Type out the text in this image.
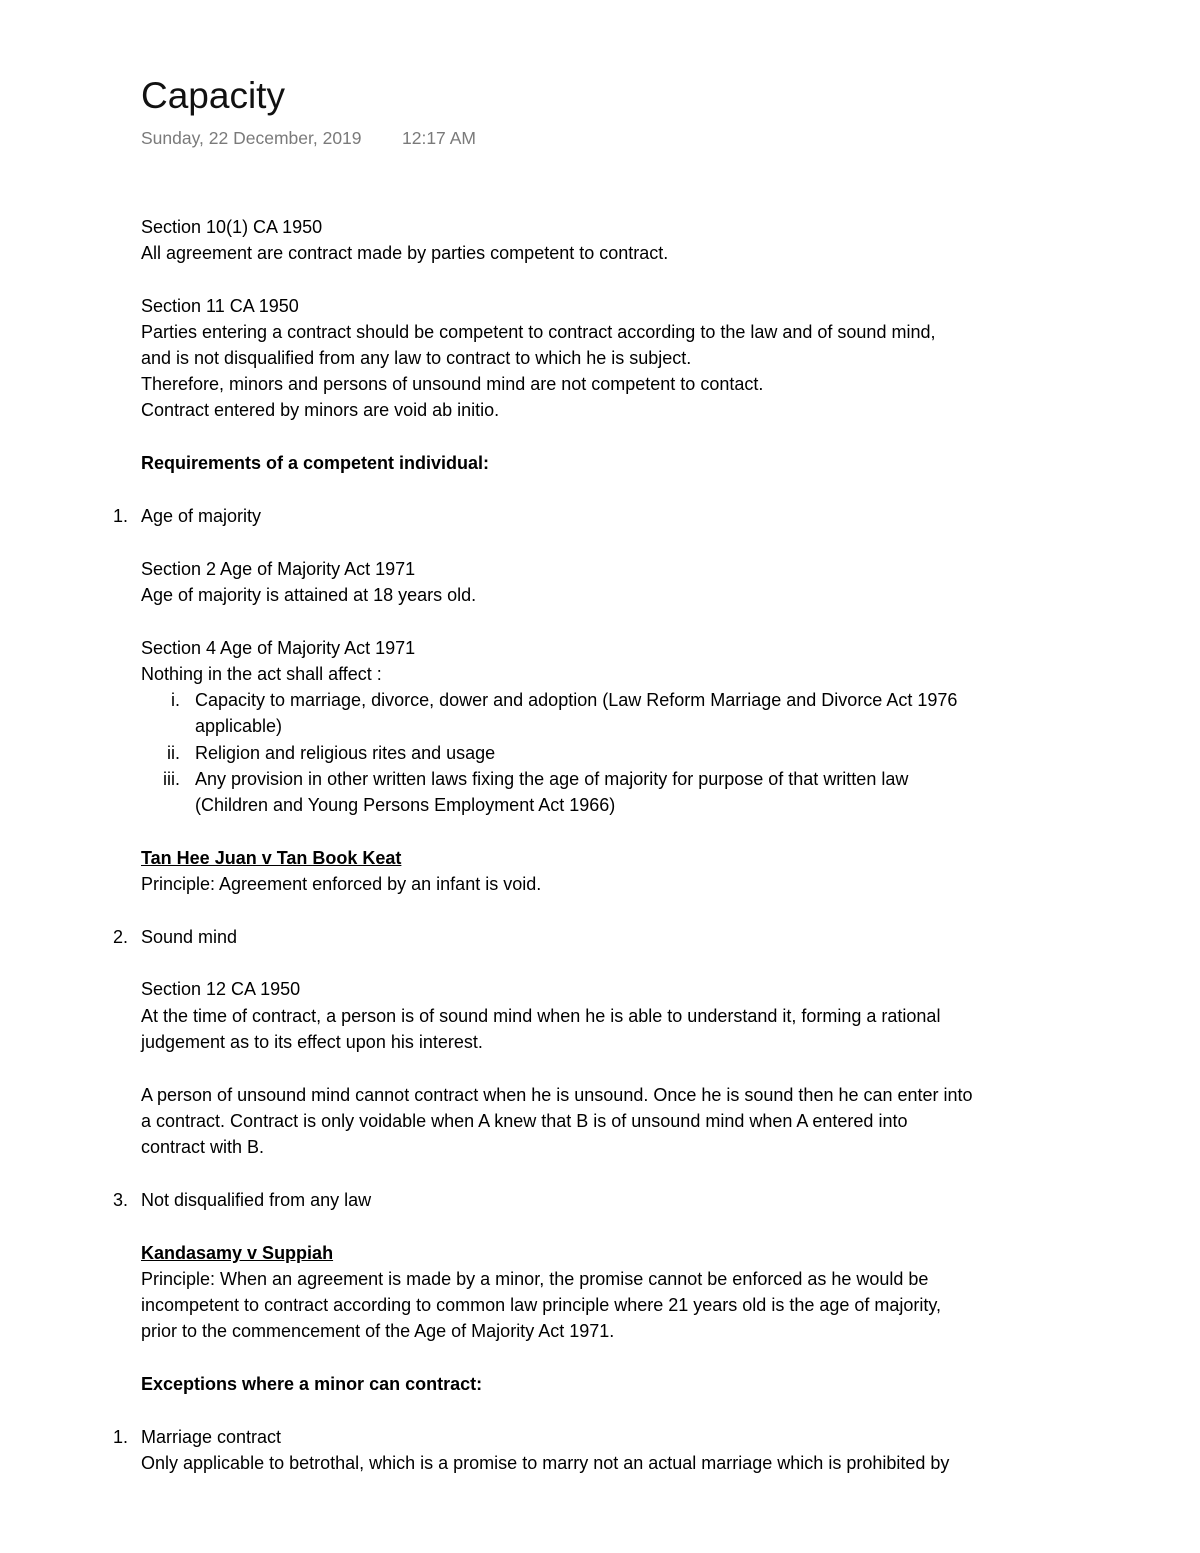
Capacity
Sunday, 22 December, 2019 12:17 AM
Section 10(1) CA 1950
All agreement are contract made by parties competent to contract.
Section 11 CA 1950
Parties entering a contract should be competent to contract according to the law and of sound mind,
and is not disqualified from any law to contract to which he is subject.
Therefore, minors and persons of unsound mind are not competent to contact.
Contract entered by minors are void ab initio.
Requirements of a competent individual:
1. Age of majority
Section 2 Age of Majority Act 1971
Age of majority is attained at 18 years old.
Section 4 Age of Majority Act 1971
Nothing in the act shall affect :
i. Capacity to marriage, divorce, dower and adoption (Law Reform Marriage and Divorce Act 1976
applicable)
ii. Religion and religious rites and usage
iii. Any provision in other written laws fixing the age of majority for purpose of that written law
(Children and Young Persons Employment Act 1966)
Tan Hee Juan v Tan Book Keat
Principle: Agreement enforced by an infant is void.
2. Sound mind
Section 12 CA 1950
At the time of contract, a person is of sound mind when he is able to understand it, forming a rational
judgement as to its effect upon his interest.
A person of unsound mind cannot contract when he is unsound. Once he is sound then he can enter into
a contract. Contract is only voidable when A knew that B is of unsound mind when A entered into
contract with B.
3. Not disqualified from any law
Kandasamy v Suppiah
Principle: When an agreement is made by a minor, the promise cannot be enforced as he would be
incompetent to contract according to common law principle where 21 years old is the age of majority,
prior to the commencement of the Age of Majority Act 1971.
Exceptions where a minor can contract:
1. Marriage contract
Only applicable to betrothal, which is a promise to marry not an actual marriage which is prohibited by
